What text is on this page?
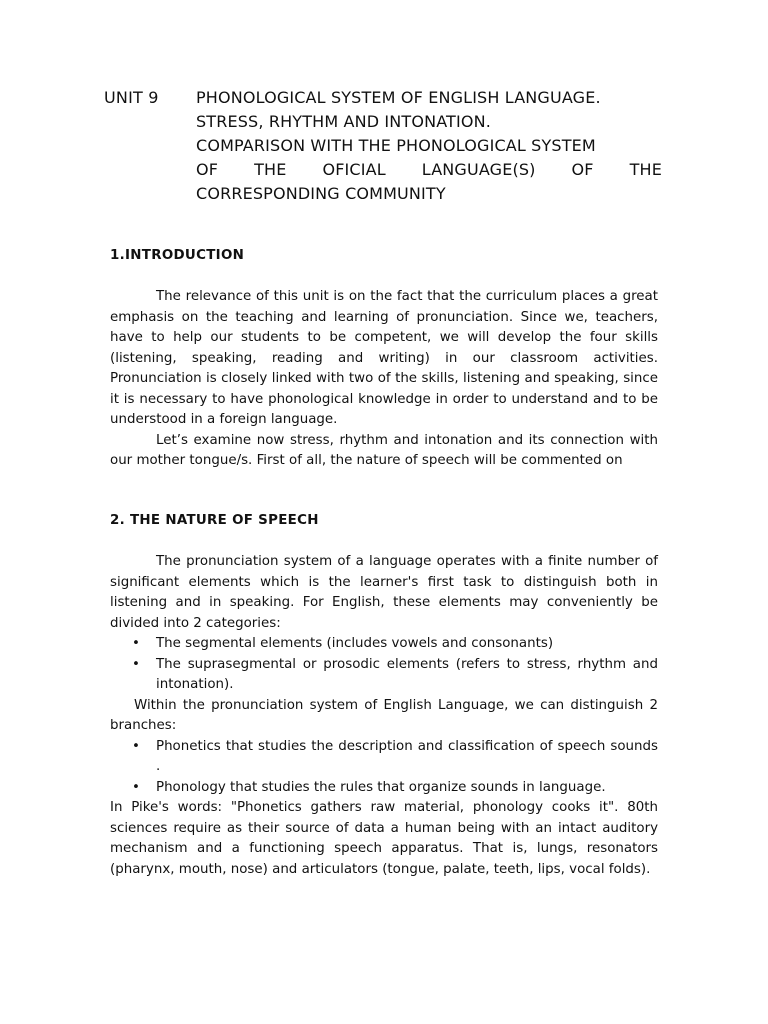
UNIT 9 PHONOLOGICAL SYSTEM OF ENGLISH LANGUAGE.
STRESS, RHYTHM AND INTONATION.
COMPARISON WITH THE PHONOLOGICAL SYSTEM
OF THE OFICIAL LANGUAGE(S) OF THE
CORRESPONDING COMMUNITY
1.INTRODUCTION

The relevance of this unit is on the fact that the curriculum places a great emphasis on the teaching and learning of pronunciation. Since we, teachers, have to help our students to be competent, we will develop the four skills (listening, speaking, reading and writing) in our classroom activities. Pronunciation is closely linked with two of the skills, listening and speaking, since it is necessary to have phonological knowledge in order to understand and to be understood in a foreign language.

Let’s examine now stress, rhythm and intonation and its connection with our mother tongue/s. First of all, the nature of speech will be commented on

2. THE NATURE OF SPEECH

The pronunciation system of a language operates with a finite number of significant elements which is the learner's first task to distinguish both in listening and in speaking. For English, these elements may conveniently be divided into 2 categories:

• The segmental elements (includes vowels and consonants)
• The suprasegmental or prosodic elements (refers to stress, rhythm and intonation).

Within the pronunciation system of English Language, we can distinguish 2 branches:

• Phonetics that studies the description and classification of speech sounds .
• Phonology that studies the rules that organize sounds in language.

In Pike's words: "Phonetics gathers raw material, phonology cooks it". 80th sciences require as their source of data a human being with an intact auditory mechanism and a functioning speech apparatus. That is, lungs, resonators (pharynx, mouth, nose) and articulators (tongue, palate, teeth, lips, vocal folds).
